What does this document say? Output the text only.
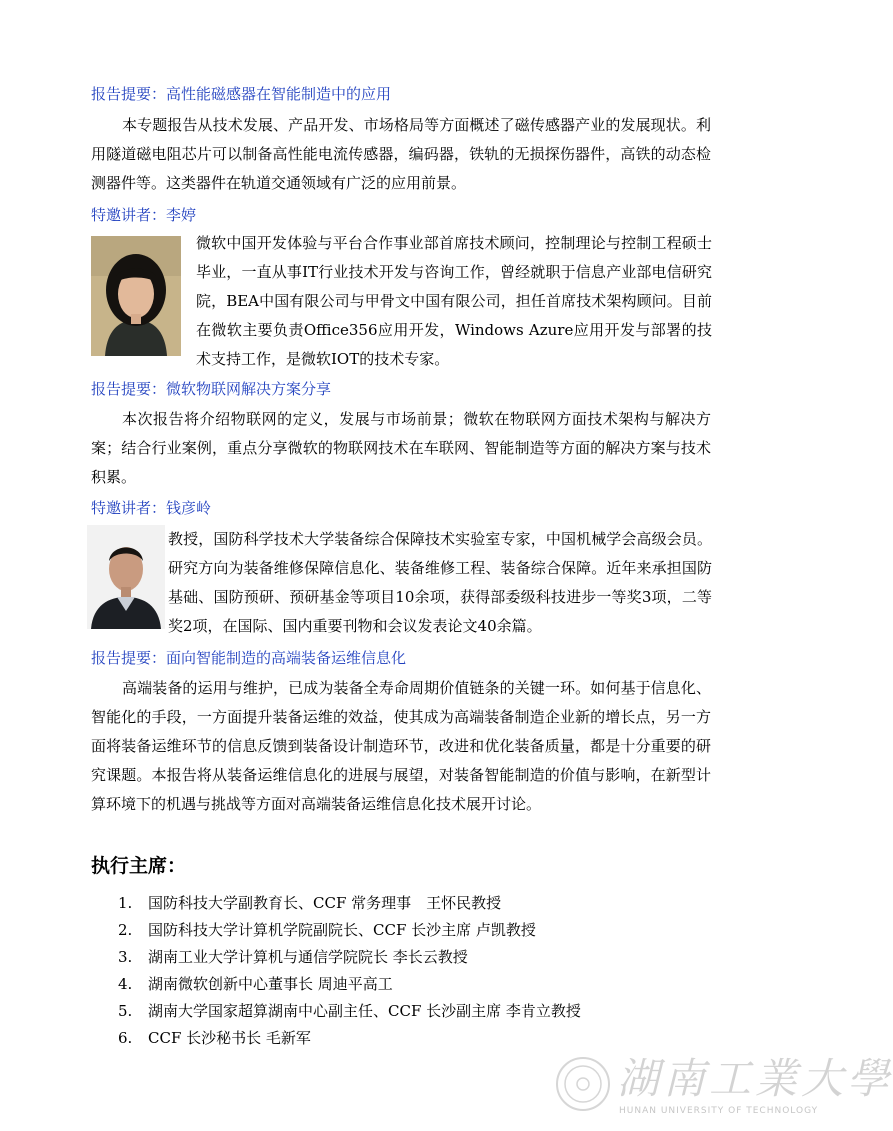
报告提要：高性能磁感器在智能制造中的应用

本专题报告从技术发展、产品开发、市场格局等方面概述了磁传感器产业的发展现状。利用隧道磁电阻芯片可以制备高性能电流传感器，编码器，铁轨的无损探伤器件，高铁的动态检测器件等。这类器件在轨道交通领域有广泛的应用前景。

特邀讲者：李婷

微软中国开发体验与平台合作事业部首席技术顾问，控制理论与控制工程硕士毕业，一直从事IT行业技术开发与咨询工作，曾经就职于信息产业部电信研究院，BEA中国有限公司与甲骨文中国有限公司，担任首席技术架构顾问。目前在微软主要负责Office356应用开发，Windows Azure应用开发与部署的技术支持工作，是微软IOT的技术专家。

报告提要：微软物联网解决方案分享

本次报告将介绍物联网的定义，发展与市场前景；微软在物联网方面技术架构与解决方案；结合行业案例，重点分享微软的物联网技术在车联网、智能制造等方面的解决方案与技术积累。

特邀讲者：钱彦岭

教授，国防科学技术大学装备综合保障技术实验室专家，中国机械学会高级会员。研究方向为装备维修保障信息化、装备维修工程、装备综合保障。近年来承担国防基础、国防预研、预研基金等项目10余项，获得部委级科技进步一等奖3项，二等奖2项，在国际、国内重要刊物和会议发表论文40余篇。

报告提要：面向智能制造的高端装备运维信息化

高端装备的运用与维护，已成为装备全寿命周期价值链条的关键一环。如何基于信息化、智能化的手段，一方面提升装备运维的效益，使其成为高端装备制造企业新的增长点，另一方面将装备运维环节的信息反馈到装备设计制造环节，改进和优化装备质量，都是十分重要的研究课题。本报告将从装备运维信息化的进展与展望，对装备智能制造的价值与影响，在新型计算环境下的机遇与挑战等方面对高端装备运维信息化技术展开讨论。

执行主席：
1. 国防科技大学副教育长、CCF 常务理事　王怀民教授
2. 国防科技大学计算机学院副院长、CCF 长沙主席 卢凯教授
3. 湖南工业大学计算机与通信学院院长 李长云教授
4. 湖南微软创新中心董事长 周迪平高工
5. 湖南大学国家超算湖南中心副主任、CCF 长沙副主席 李肯立教授
6. CCF 长沙秘书长 毛新军
湖南工業大學
HUNAN UNIVERSITY OF TECHNOLOGY
